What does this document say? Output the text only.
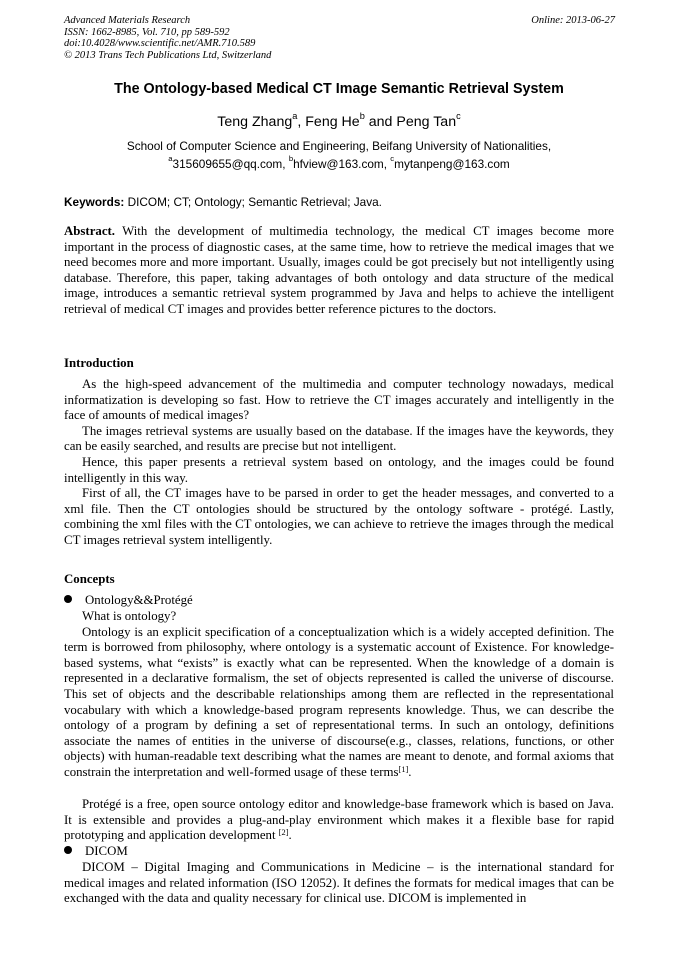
Advanced Materials Research
ISSN: 1662-8985, Vol. 710, pp 589-592
doi:10.4028/www.scientific.net/AMR.710.589
© 2013 Trans Tech Publications Ltd, Switzerland
Online: 2013-06-27
The Ontology-based Medical CT Image Semantic Retrieval System
Teng Zhang$^a$, Feng He$^b$ and Peng Tan$^c$
School of Computer Science and Engineering, Beifang University of Nationalities,
$^a$315609655@qq.com, $^b$hfview@163.com, $^c$mytanpeng@163.com
Keywords: DICOM; CT; Ontology; Semantic Retrieval; Java.

Abstract. With the development of multimedia technology, the medical CT images become more important in the process of diagnostic cases, at the same time, how to retrieve the medical images that we need becomes more and more important. Usually, images could be got precisely but not intelligently using database. Therefore, this paper, taking advantages of both ontology and data structure of the medical image, introduces a semantic retrieval system programmed by Java and helps to achieve the intelligent retrieval of medical CT images and provides better reference pictures to the doctors.

Introduction

As the high-speed advancement of the multimedia and computer technology nowadays, medical informatization is developing so fast. How to retrieve the CT images accurately and intelligently in the face of amounts of medical images?

The images retrieval systems are usually based on the database. If the images have the keywords, they can be easily searched, and results are precise but not intelligent.

Hence, this paper presents a retrieval system based on ontology, and the images could be found intelligently in this way.

First of all, the CT images have to be parsed in order to get the header messages, and converted to a xml file. Then the CT ontologies should be structured by the ontology software - protégé. Lastly, combining the xml files with the CT ontologies, we can achieve to retrieve the images through the medical CT images retrieval system intelligently.

Concepts
Ontology&&Protégé

What is ontology?

Ontology is an explicit specification of a conceptualization which is a widely accepted definition. The term is borrowed from philosophy, where ontology is a systematic account of Existence. For knowledge-based systems, what “exists” is exactly what can be represented. When the knowledge of a domain is represented in a declarative formalism, the set of objects represented is called the universe of discourse. This set of objects and the describable relationships among them are reflected in the representational vocabulary with which a knowledge-based program represents knowledge. Thus, we can describe the ontology of a program by defining a set of representational terms. In such an ontology, definitions associate the names of entities in the universe of discourse(e.g., classes, relations, functions, or other objects) with human-readable text describing what the names are meant to denote, and formal axioms that constrain the interpretation and well-formed usage of these terms[1].

Protégé is a free, open source ontology editor and knowledge-base framework which is based on Java. It is extensible and provides a plug-and-play environment which makes it a flexible base for rapid prototyping and application development [2].

DICOM

DICOM – Digital Imaging and Communications in Medicine – is the international standard for medical images and related information (ISO 12052). It defines the formats for medical images that can be exchanged with the data and quality necessary for clinical use. DICOM is implemented in
